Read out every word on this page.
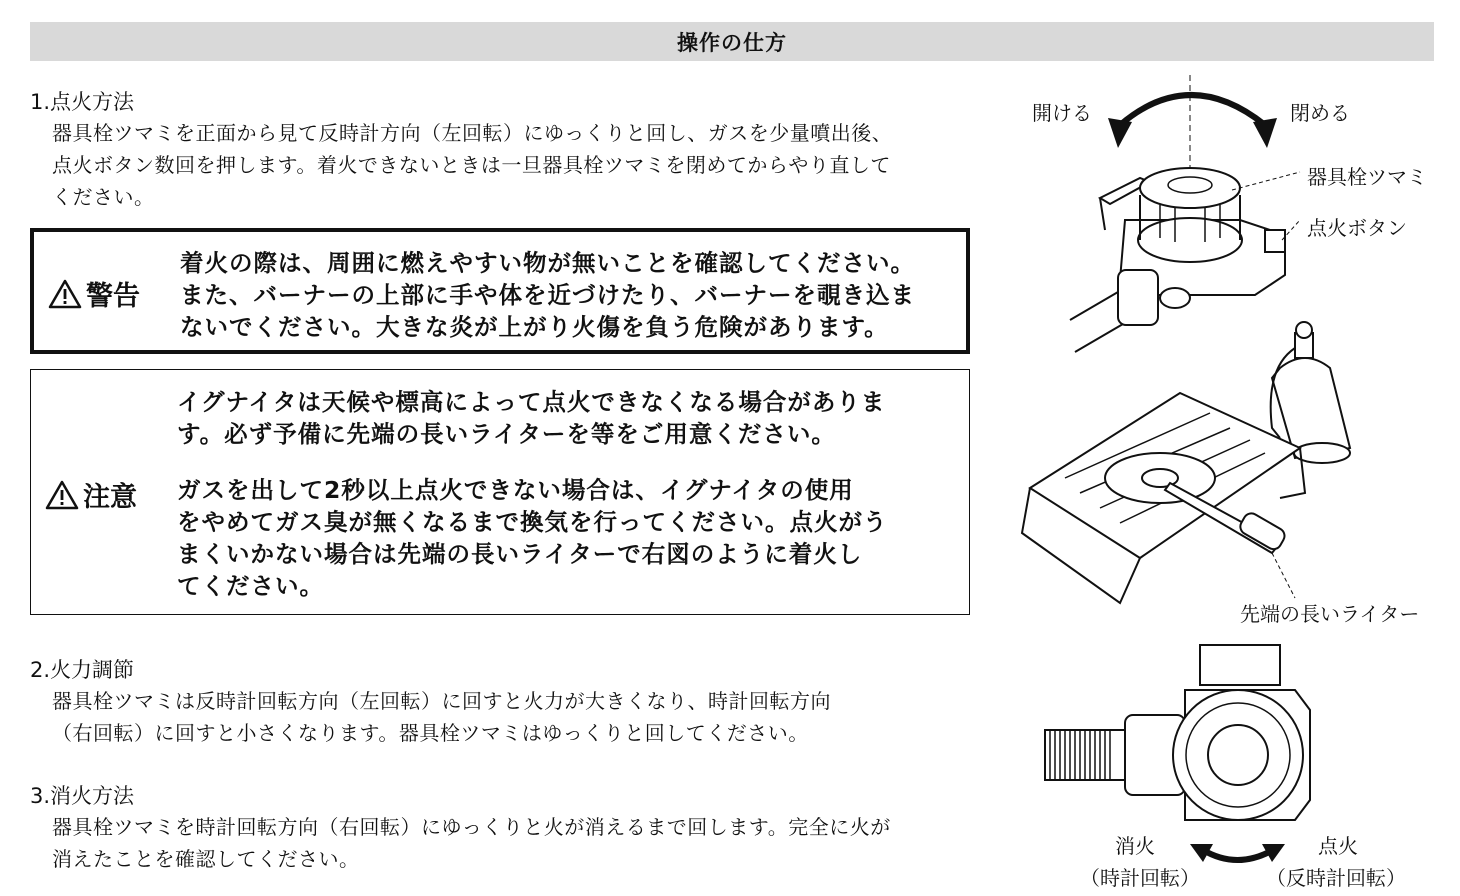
操作の仕方
1.点火方法
器具栓ツマミを正面から見て反時計方向（左回転）にゆっくりと回し、ガスを少量噴出後、
点火ボタン数回を押します。着火できないときは一旦器具栓ツマミを閉めてからやり直して
ください。
警告
着火の際は、周囲に燃えやすい物が無いことを確認してください。
また、バーナーの上部に手や体を近づけたり、バーナーを覗き込ま
ないでください。大きな炎が上がり火傷を負う危険があります。
注意
イグナイタは天候や標高によって点火できなくなる場合がありま
す。必ず予備に先端の長いライターを等をご用意ください。
ガスを出して2秒以上点火できない場合は、イグナイタの使用
をやめてガス臭が無くなるまで換気を行ってください。点火がう
まくいかない場合は先端の長いライターで右図のように着火し
てください。
2.火力調節
器具栓ツマミは反時計回転方向（左回転）に回すと火力が大きくなり、時計回転方向
（右回転）に回すと小さくなります。器具栓ツマミはゆっくりと回してください。
3.消火方法
器具栓ツマミを時計回転方向（右回転）にゆっくりと火が消えるまで回します。完全に火が
消えたことを確認してください。
開ける	閉める
器具栓ツマミ
点火ボタン
先端の長いライター
消火
（時計回転）
点火
（反時計回転）
